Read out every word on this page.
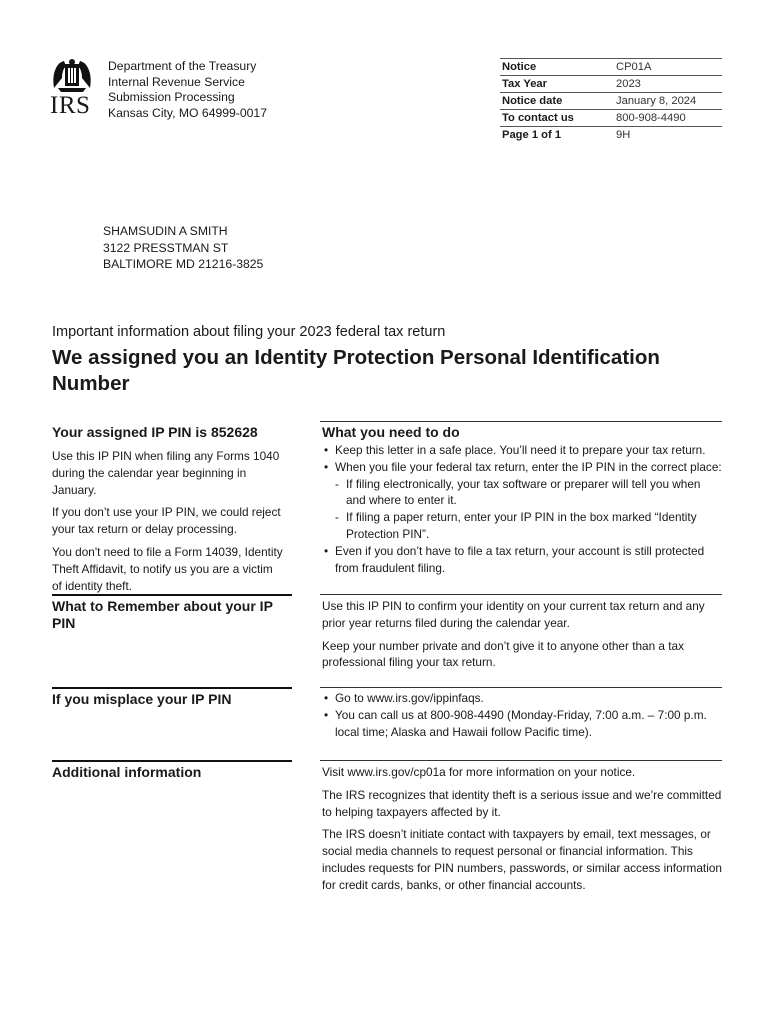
IRS
Department of the Treasury
Internal Revenue Service
Submission Processing
Kansas City, MO 64999-0017
Notice	CP01A
Tax Year	2023
Notice date	January 8, 2024
To contact us	800-908-4490
Page 1 of 1	9H
SHAMSUDIN A SMITH
3122 PRESSTMAN ST
BALTIMORE MD 21216-3825
Important information about filing your 2023 federal tax return
We assigned you an Identity Protection Personal Identification Number
Your assigned IP PIN is 852628

Use this IP PIN when filing any Forms 1040 during the calendar year beginning in January.

If you don’t use your IP PIN, we could reject your tax return or delay processing.

You don't need to file a Form 14039, Identity Theft Affidavit, to notify us you are a victim of identity theft.

What you need to do
• Keep this letter in a safe place. You’ll need it to prepare your tax return.
• When you file your federal tax return, enter the IP PIN in the correct place:
- If filing electronically, your tax software or preparer will tell you when and where to enter it.
- If filing a paper return, enter your IP PIN in the box marked “Identity Protection PIN”.
• Even if you don’t have to file a tax return, your account is still protected from fraudulent filing.
What to Remember about your IP PIN

Use this IP PIN to confirm your identity on your current tax return and any prior year returns filed during the calendar year.

Keep your number private and don’t give it to anyone other than a tax professional filing your tax return.

If you misplace your IP PIN	• Go to www.irs.gov/ippinfaqs.
• You can call us at 800-908-4490 (Monday-Friday, 7:00 a.m. – 7:00 p.m. local time; Alaska and Hawaii follow Pacific time).
Additional information	Visit www.irs.gov/cp01a for more information on your notice.

The IRS recognizes that identity theft is a serious issue and we’re committed to helping taxpayers affected by it.

The IRS doesn’t initiate contact with taxpayers by email, text messages, or social media channels to request personal or financial information. This includes requests for PIN numbers, passwords, or similar access information for credit cards, banks, or other financial accounts.
